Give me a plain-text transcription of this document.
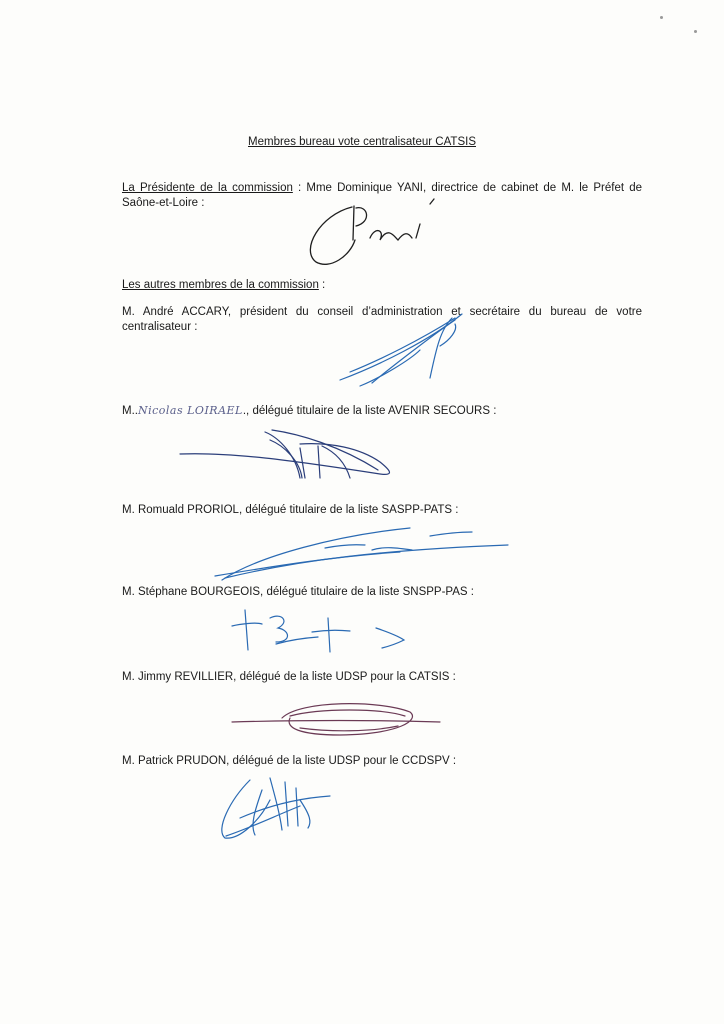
Membres bureau vote centralisateur CATSIS
La Présidente de la commission : Mme Dominique YANI, directrice de cabinet de M. le Préfet de Saône-et-Loire :
Les autres membres de la commission :
M. André ACCARY, président du conseil d’administration et secrétaire du bureau de votre centralisateur :
M..Nicolas LOIRAEL., délégué titulaire de la liste AVENIR SECOURS :
M. Romuald PRORIOL, délégué titulaire de la liste SASPP-PATS :
M. Stéphane BOURGEOIS, délégué titulaire de la liste SNSPP-PAS :
M. Jimmy REVILLIER, délégué de la liste UDSP pour la CATSIS :
M. Patrick PRUDON, délégué de la liste UDSP pour le CCDSPV :
